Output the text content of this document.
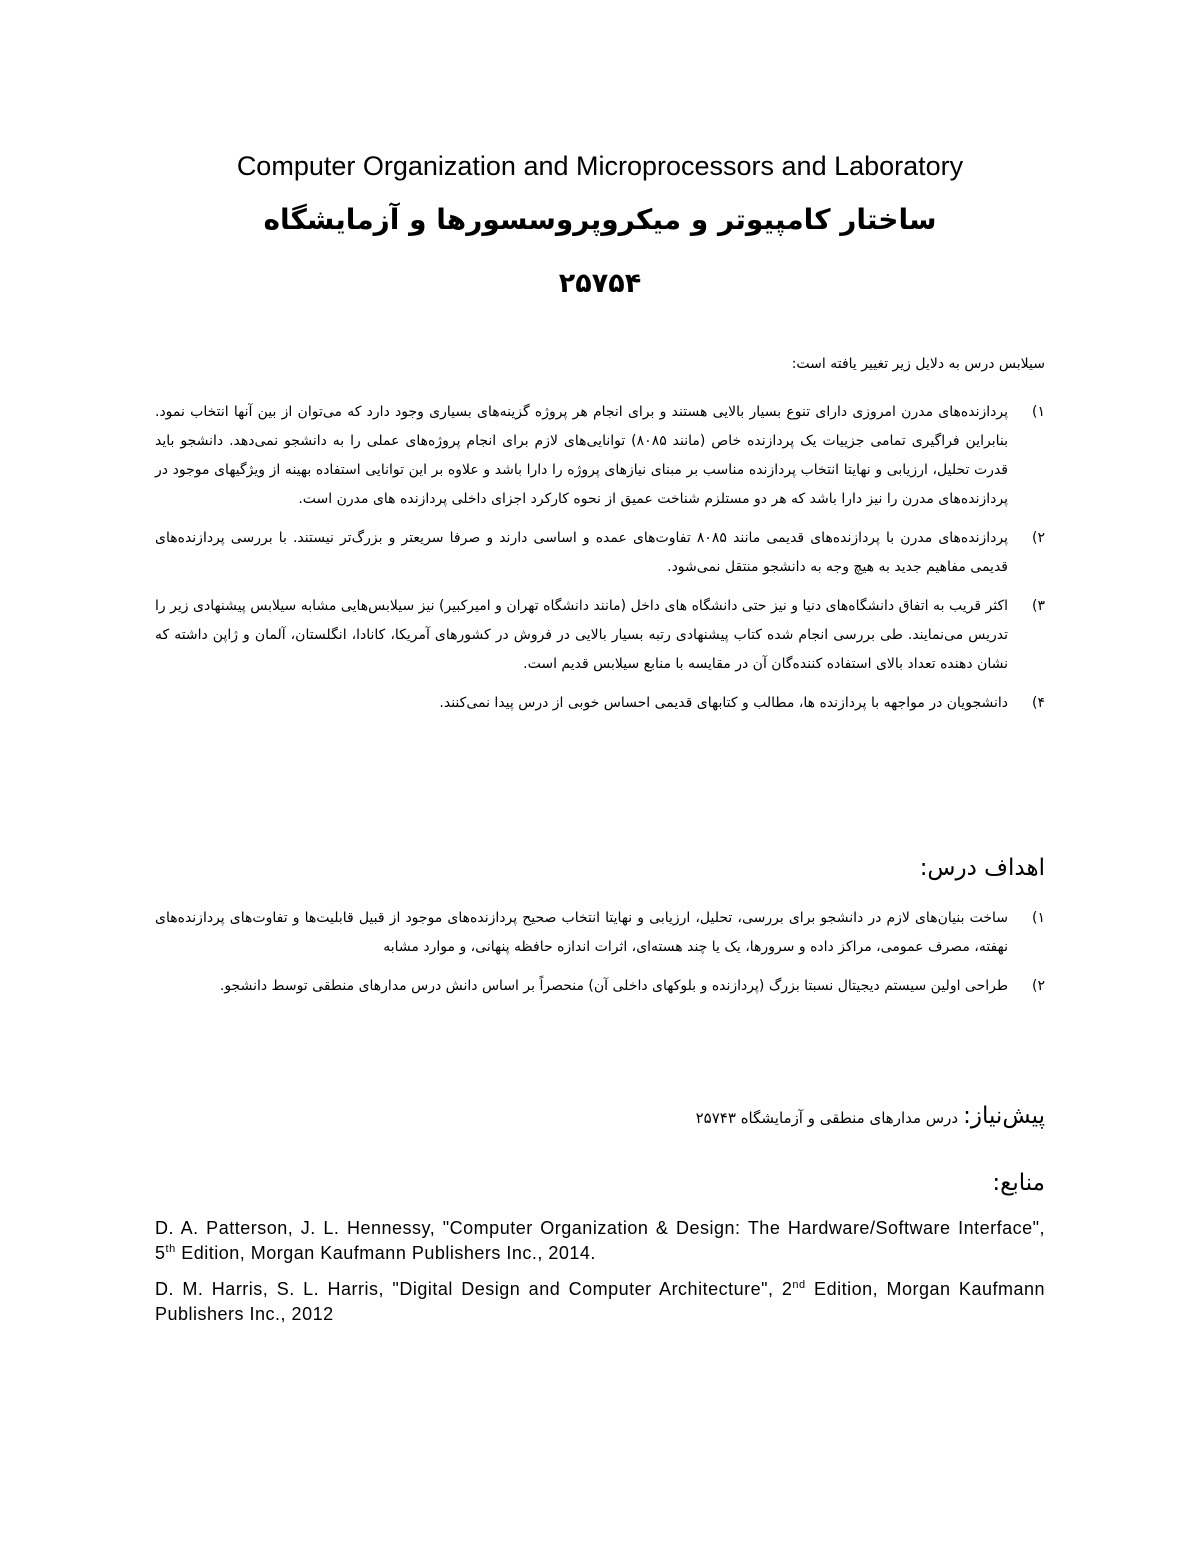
Computer Organization and Microprocessors and Laboratory
ساختار کامپیوتر و میکروپروسسورها و آزمایشگاه
۲۵۷۵۴
سیلابس درس به دلایل زیر تغییر یافته است:
۱)
پردازنده‌های مدرن امروزی دارای تنوع بسیار بالایی هستند و برای انجام هر پروژه گزینه‌های بسیاری وجود دارد که می‌توان از بین آنها انتخاب نمود. بنابراین فراگیری تمامی جزییات یک پردازنده خاص (مانند ۸۰۸۵) توانایی‌های لازم برای انجام پروژه‌های عملی را به دانشجو نمی‌دهد. دانشجو باید قدرت تحلیل، ارزیابی و نهایتا انتخاب پردازنده مناسب بر مبنای نیازهای پروژه را دارا باشد و علاوه بر این توانایی استفاده بهینه از ویژگیهای موجود در پردازنده‌های مدرن را نیز دارا باشد که هر دو مستلزم شناخت عمیق از نحوه کارکرد اجزای داخلی پردازنده های مدرن است.
۲)
پردازنده‌های مدرن با پردازنده‌های قدیمی مانند ۸۰۸۵ تفاوت‌های عمده و اساسی دارند و صرفا سریعتر و بزرگ‌تر نیستند. با بررسی پردازنده‌های قدیمی مفاهیم جدید به هیچ وجه به دانشجو منتقل نمی‌شود.
۳)
اکثر قریب به اتفاق دانشگاه‌های دنیا و نیز حتی دانشگاه های داخل (مانند دانشگاه تهران و امیرکبیر) نیز سیلابس‌هایی مشابه سیلابس پیشنهادی زیر را تدریس می‌نمایند. طی بررسی انجام شده کتاب پیشنهادی رتبه بسیار بالایی در فروش در کشورهای آمریکا، کانادا، انگلستان، آلمان و ژاپن داشته که نشان دهنده تعداد بالای استفاده کننده‌گان آن در مقایسه با منابع سیلابس قدیم است.
۴)
دانشجویان در مواجهه با پردازنده ها، مطالب و کتابهای قدیمی احساس خوبی از درس پیدا نمی‌کنند.
اهداف درس:
۱)
ساخت بنیان‌های لازم در دانشجو برای بررسی، تحلیل، ارزیابی و نهایتا انتخاب صحیح پردازنده‌های موجود از قبیل قابلیت‌ها و تفاوت‌های پردازنده‌های نهفته، مصرف عمومی، مراکز داده و سرورها، یک یا چند هسته‌ای، اثرات اندازه حافظه پنهانی، و موارد مشابه
۲)
طراحی اولین سیستم دیجیتال نسبتا بزرگ (پردازنده و بلوکهای داخلی آن) منحصراً بر اساس دانش درس مدارهای منطقی توسط دانشجو.
پیش‌نیاز: درس مدارهای منطقی و آزمایشگاه ۲۵۷۴۳
منابع:

D. A. Patterson, J. L. Hennessy, "Computer Organization & Design: The Hardware/Software Interface", 5th Edition, Morgan Kaufmann Publishers Inc., 2014.

D. M. Harris, S. L. Harris, "Digital Design and Computer Architecture", 2nd Edition, Morgan Kaufmann Publishers Inc., 2012
